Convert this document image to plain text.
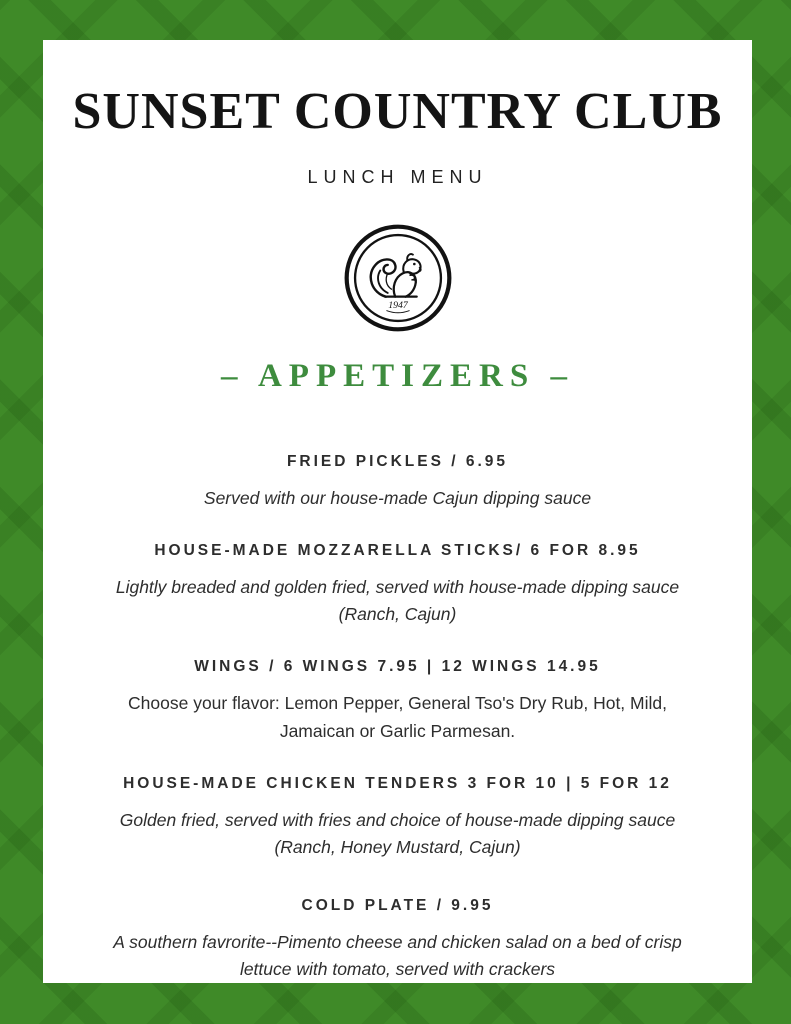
SUNSET COUNTRY CLUB
LUNCH MENU
1947
– APPETIZERS –
FRIED PICKLES / 6.95
Served with our house-made Cajun dipping sauce
HOUSE-MADE MOZZARELLA STICKS/ 6 FOR 8.95
Lightly breaded and golden fried, served with house-made dipping sauce (Ranch, Cajun)
WINGS / 6 WINGS 7.95 | 12 WINGS 14.95
Choose your flavor: Lemon Pepper, General Tso's Dry Rub, Hot, Mild, Jamaican or Garlic Parmesan.
HOUSE-MADE CHICKEN TENDERS 3 FOR 10 | 5 FOR 12
Golden fried, served with fries and choice of house-made dipping sauce (Ranch, Honey Mustard, Cajun)
COLD PLATE / 9.95
A southern favrorite--Pimento cheese and chicken salad on a bed of crisp lettuce with tomato, served with crackers
